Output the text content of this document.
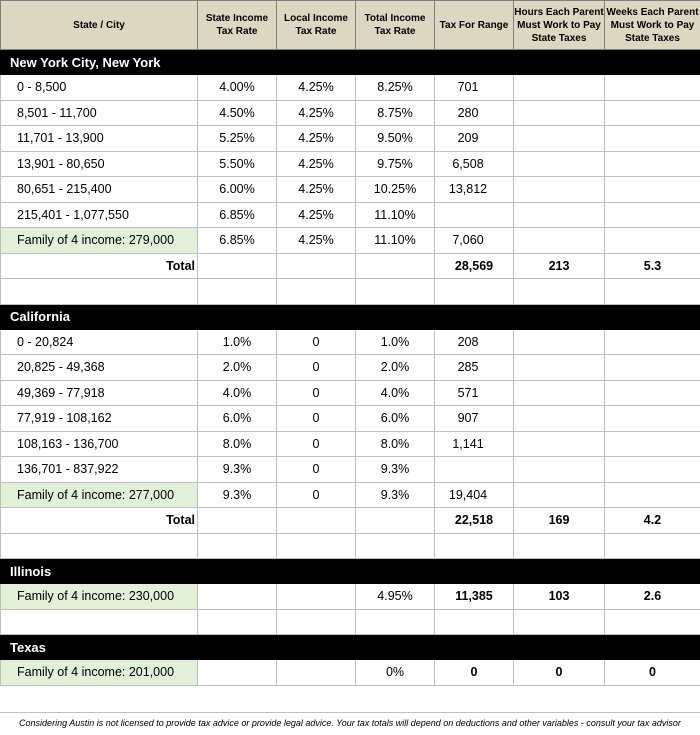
State / City	State Income Tax Rate	Local Income Tax Rate	Total Income Tax Rate	Tax For Range	Hours Each Parent Must Work to Pay State Taxes	Weeks Each Parent Must Work to Pay State Taxes
New York City, New York						
0 - 8,500	4.00%	4.25%	8.25%	701		
8,501 - 11,700	4.50%	4.25%	8.75%	280		
11,701 - 13,900	5.25%	4.25%	9.50%	209		
13,901 - 80,650	5.50%	4.25%	9.75%	6,508		
80,651 - 215,400	6.00%	4.25%	10.25%	13,812		
215,401 - 1,077,550	6.85%	4.25%	11.10%			
Family of 4 income: 279,000	6.85%	4.25%	11.10%	7,060		
Total				28,569	213	5.3

California						
0 - 20,824	1.0%	0	1.0%	208		
20,825 - 49,368	2.0%	0	2.0%	285		
49,369 - 77,918	4.0%	0	4.0%	571		
77,919 - 108,162	6.0%	0	6.0%	907		
108,163 - 136,700	8.0%	0	8.0%	1,141		
136,701 - 837,922	9.3%	0	9.3%			
Family of 4 income: 277,000	9.3%	0	9.3%	19,404		
Total				22,518	169	4.2

Illinois						
Family of 4 income: 230,000			4.95%	11,385	103	2.6

Texas						
Family of 4 income: 201,000			0%	0	0	0
Considering Austin is not licensed to provide tax advice or provide legal advice. Your tax totals will depend on deductions and other variables - consult your tax advisor
